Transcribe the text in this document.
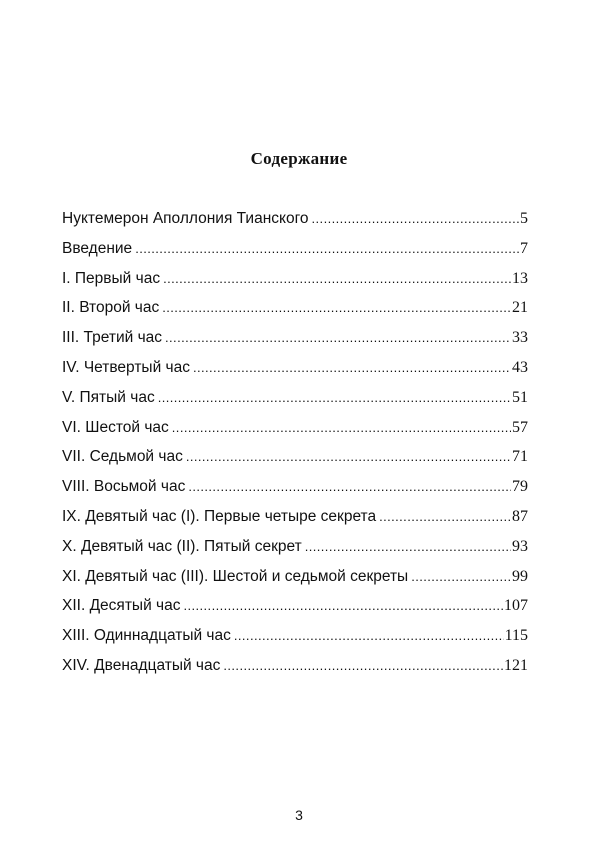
Содержание
Нуктемерон Аполлония Тианского .....	5
Введение .....	7
I. Первый час .....	13
II. Второй час .....	21
III. Третий час .....	33
IV. Четвертый час .....	43
V. Пятый час .....	51
VI. Шестой час .....	57
VII. Седьмой час .....	71
VIII. Восьмой час .....	79
IX. Девятый час (I). Первые четыре секрета .....	87
X. Девятый час (II). Пятый секрет .....	93
XI. Девятый час (III). Шестой и седьмой секреты .....	99
XII. Десятый час .....	107
XIII. Одиннадцатый час .....	115
XIV. Двенадцатый час .....	121
3
